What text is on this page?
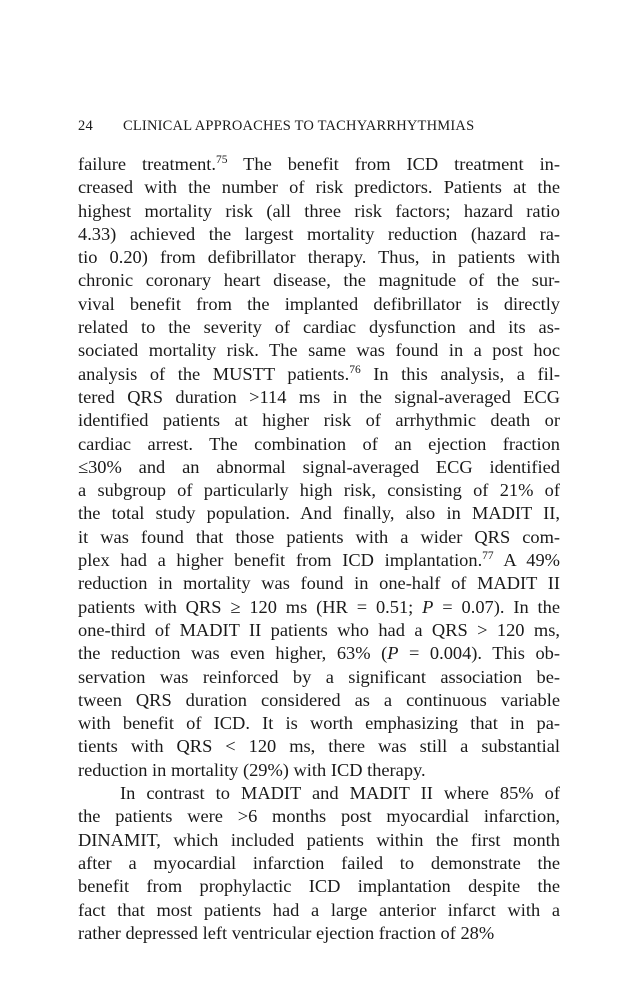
24 CLINICAL APPROACHES TO TACHYARRHYTHMIAS
failure treatment.$^{75}$ The benefit from ICD treatment in-
creased with the number of risk predictors. Patients at the
highest mortality risk (all three risk factors; hazard ratio
4.33) achieved the largest mortality reduction (hazard ra-
tio 0.20) from defibrillator therapy. Thus, in patients with
chronic coronary heart disease, the magnitude of the sur-
vival benefit from the implanted defibrillator is directly
related to the severity of cardiac dysfunction and its as-
sociated mortality risk. The same was found in a post hoc
analysis of the MUSTT patients.$^{76}$ In this analysis, a fil-
tered QRS duration >114 ms in the signal-averaged ECG
identified patients at higher risk of arrhythmic death or
cardiac arrest. The combination of an ejection fraction
≤30% and an abnormal signal-averaged ECG identified
a subgroup of particularly high risk, consisting of 21% of
the total study population. And finally, also in MADIT II,
it was found that those patients with a wider QRS com-
plex had a higher benefit from ICD implantation.$^{77}$ A 49%
reduction in mortality was found in one-half of MADIT II
patients with QRS ≥ 120 ms (HR = 0.51; P = 0.07). In the
one-third of MADIT II patients who had a QRS > 120 ms,
the reduction was even higher, 63% (P = 0.004). This ob-
servation was reinforced by a significant association be-
tween QRS duration considered as a continuous variable
with benefit of ICD. It is worth emphasizing that in pa-
tients with QRS < 120 ms, there was still a substantial
reduction in mortality (29%) with ICD therapy.
In contrast to MADIT and MADIT II where 85% of
the patients were >6 months post myocardial infarction,
DINAMIT, which included patients within the first month
after a myocardial infarction failed to demonstrate the
benefit from prophylactic ICD implantation despite the
fact that most patients had a large anterior infarct with a
rather depressed left ventricular ejection fraction of 28%
